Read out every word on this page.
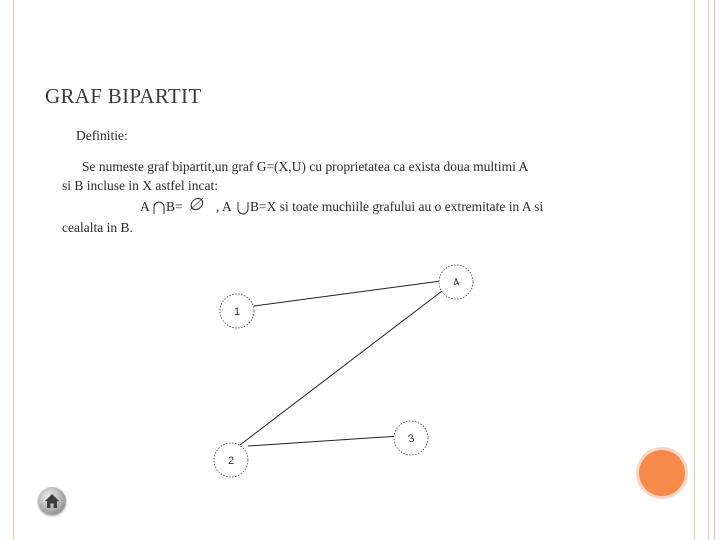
GRAF BIPARTIT
Definitie:
Se numeste graf bipartit,un graf G=(X,U) cu proprietatea ca exista doua multimi A
si B incluse in X astfel incat:
A B= ∅ , A B=X si toate muchiile grafului au o extremitate in A si
cealalta in B.
4
1
3
2
